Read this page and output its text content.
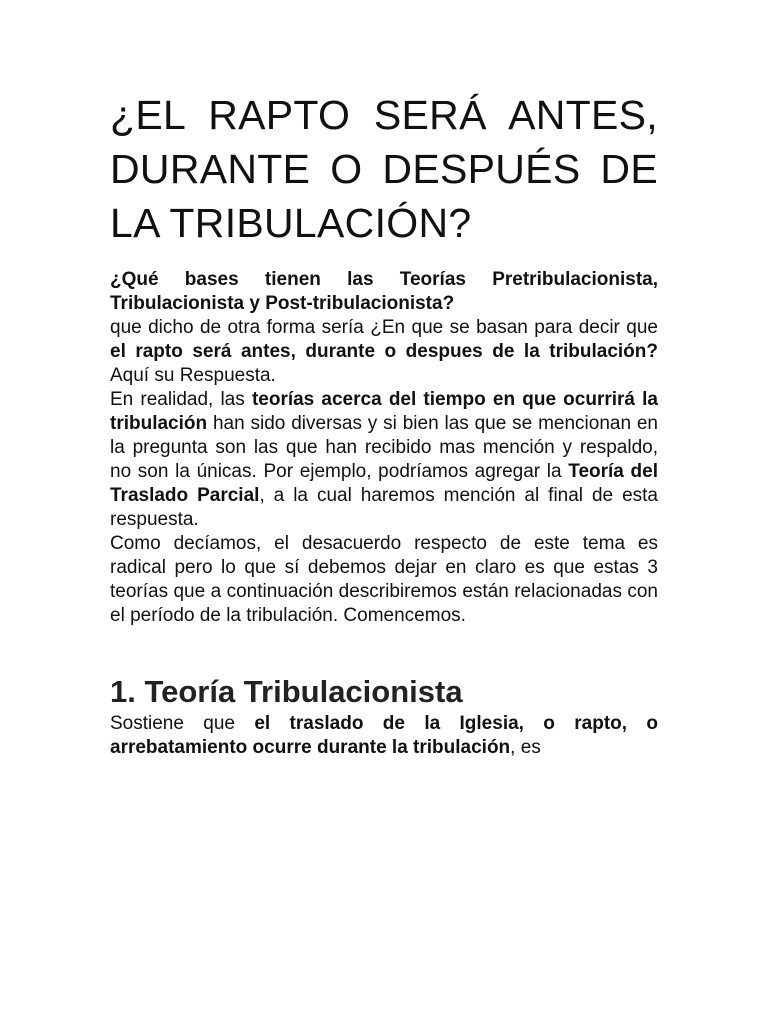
¿EL RAPTO SERÁ ANTES, DURANTE O DESPUÉS DE LA TRIBULACIÓN?

¿Qué bases tienen las Teorías Pretribulacionista, Tribulacionista y Post-tribulacionista?

que dicho de otra forma sería ¿En que se basan para decir que el rapto será antes, durante o despues de la tribulación? Aquí su Respuesta.

En realidad, las teorías acerca del tiempo en que ocurrirá la tribulación han sido diversas y si bien las que se mencionan en la pregunta son las que han recibido mas mención y respaldo, no son la únicas. Por ejemplo, podríamos agregar la Teoría del Traslado Parcial, a la cual haremos mención al final de esta respuesta.

Como decíamos, el desacuerdo respecto de este tema es radical pero lo que sí debemos dejar en claro es que estas 3 teorías que a continuación describiremos están relacionadas con el período de la tribulación. Comencemos.

1. Teoría Tribulacionista

Sostiene que el traslado de la Iglesia, o rapto, o arrebatamiento ocurre durante la tribulación, es
